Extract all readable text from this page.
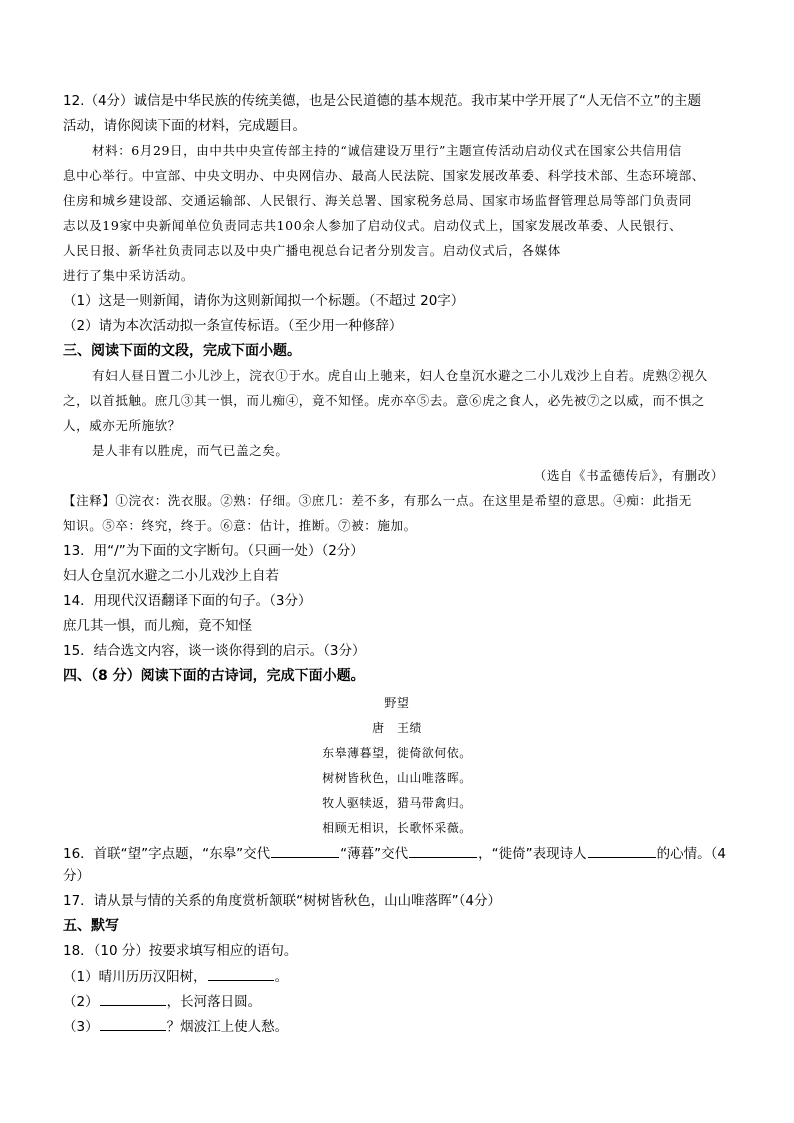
12.（4分）诚信是中华民族的传统美德，也是公民道德的基本规范。我市某中学开展了“人无信不立”的主题
活动，请你阅读下面的材料，完成题目。
材料：6月29日，由中共中央宣传部主持的“诚信建设万里行”主题宣传活动启动仪式在国家公共信用信
息中心举行。中宣部、中央文明办、中央网信办、最高人民法院、国家发展改革委、科学技术部、生态环境部、
住房和城乡建设部、交通运输部、人民银行、海关总署、国家税务总局、国家市场监督管理总局等部门负责同
志以及19家中央新闻单位负责同志共100余人参加了启动仪式。启动仪式上，国家发展改革委、人民银行、
人民日报、新华社负责同志以及中央广播电视总台记者分别发言。启动仪式后，各媒体
进行了集中采访活动。
（1）这是一则新闻，请你为这则新闻拟一个标题。（不超过 20字）
（2）请为本次活动拟一条宣传标语。（至少用一种修辞）
三、阅读下面的文段，完成下面小题。
有妇人昼日置二小儿沙上，浣衣①于水。虎自山上驰来，妇人仓皇沉水避之二小儿戏沙上自若。虎熟②视久
之，以首抵触。庶几③其一惧，而儿痴④，竟不知怪。虎亦卒⑤去。意⑥虎之食人，必先被⑦之以威，而不惧之
人，威亦无所施欤？
是人非有以胜虎，而气已盖之矣。
（选自《书孟德传后》，有删改）
【注释】①浣衣：洗衣服。②熟：仔细。③庶几：差不多，有那么一点。在这里是希望的意思。④痴：此指无
知识。⑤卒：终究，终于。⑥意：估计，推断。⑦被：施加。
13．用“/”为下面的文字断句。（只画一处）（2分）
妇人仓皇沉水避之二小儿戏沙上自若
14．用现代汉语翻译下面的句子。（3分）
庶几其一惧，而儿痴，竟不知怪
15．结合选文内容，谈一谈你得到的启示。（3分）
四、（8 分）阅读下面的古诗词，完成下面小题。
野望
唐　王绩
东皋薄暮望，徙倚欲何依。
树树皆秋色，山山唯落晖。
牧人驱犊返，猎马带禽归。
相顾无相识，长歌怀采薇。
16．首联“望”字点题，“东皋”交代	“薄暮”交代	，“徙倚”表现诗人	的心情。（4
分）
17．请从景与情的关系的角度赏析颔联“树树皆秋色，山山唯落晖”（4分）
五、默写
18．（10 分）按要求填写相应的语句。
（1）晴川历历汉阳树，	。
（2）	，长河落日圆。
（3）	？烟波江上使人愁。
